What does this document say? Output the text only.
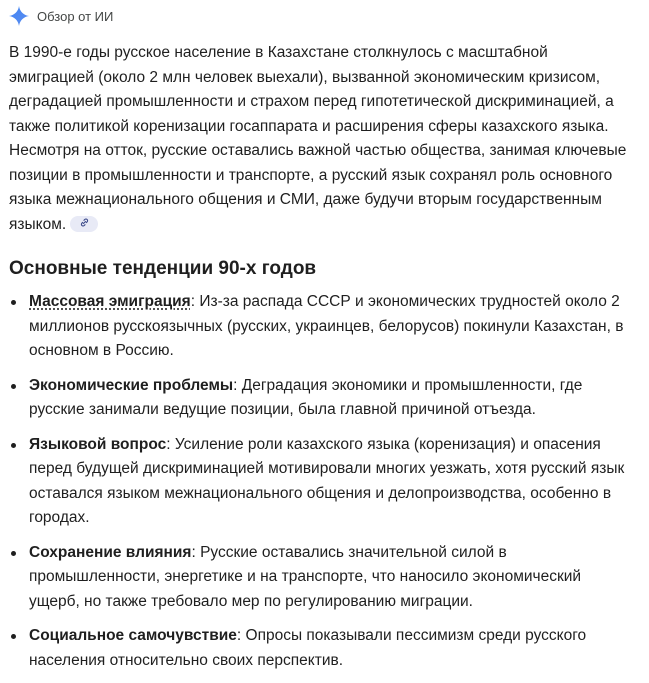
Обзор от ИИ

В 1990-е годы русское население в Казахстане столкнулось с масштабной эмиграцией (около 2 млн человек выехали), вызванной экономическим кризисом, деградацией промышленности и страхом перед гипотетической дискриминацией, а также политикой коренизации госаппарата и расширения сферы казахского языка. Несмотря на отток, русские оставались важной частью общества, занимая ключевые позиции в промышленности и транспорте, а русский язык сохранял роль основного языка межнационального общения и СМИ, даже будучи вторым государственным языком.

Основные тенденции 90-х годов
Массовая эмиграция: Из-за распада СССР и экономических трудностей около 2 миллионов русскоязычных (русских, украинцев, белорусов) покинули Казахстан, в основном в Россию.
Экономические проблемы: Деградация экономики и промышленности, где русские занимали ведущие позиции, была главной причиной отъезда.
Языковой вопрос: Усиление роли казахского языка (коренизация) и опасения перед будущей дискриминацией мотивировали многих уезжать, хотя русский язык оставался языком межнационального общения и делопроизводства, особенно в городах.
Сохранение влияния: Русские оставались значительной силой в промышленности, энергетике и на транспорте, что наносило экономический ущерб, но также требовало мер по регулированию миграции.
Социальное самочувствие: Опросы показывали пессимизм среди русского населения относительно своих перспектив.
